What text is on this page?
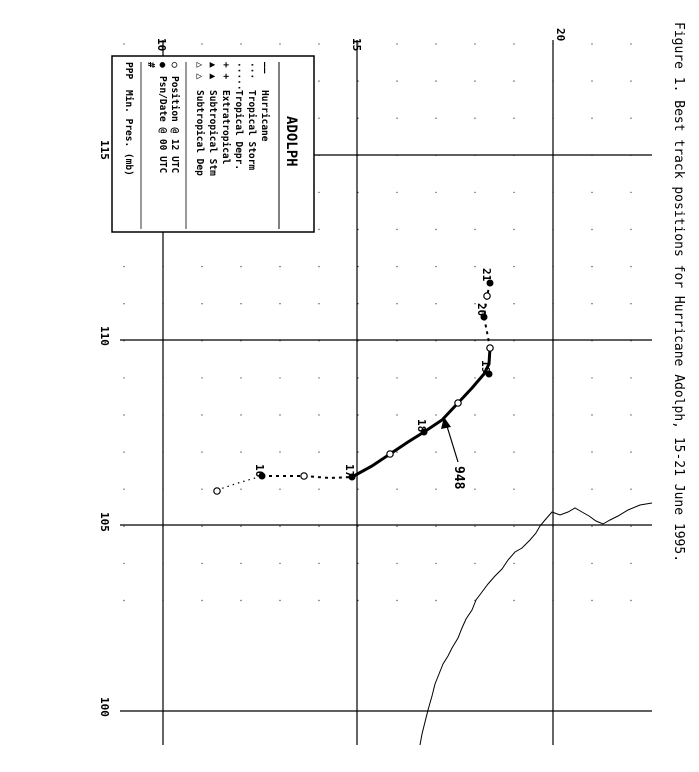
10	15
20
115
110
105
100
16	17
18
19
20
21
948
ADOLPH
——
Hurricane
···
Tropical Storm
·····
Tropical Depr.
+ +
Extratropical
▲ ▲
Subtropical Stm
△ △
Subtropical Dep
○
Position @ 12 UTC
●
Psn/Date @ 00 UTC
#
PPP
Min. Pres. (mb)	Figure 1. Best track positions for Hurricane Adolph, 15-21 June 1995.
